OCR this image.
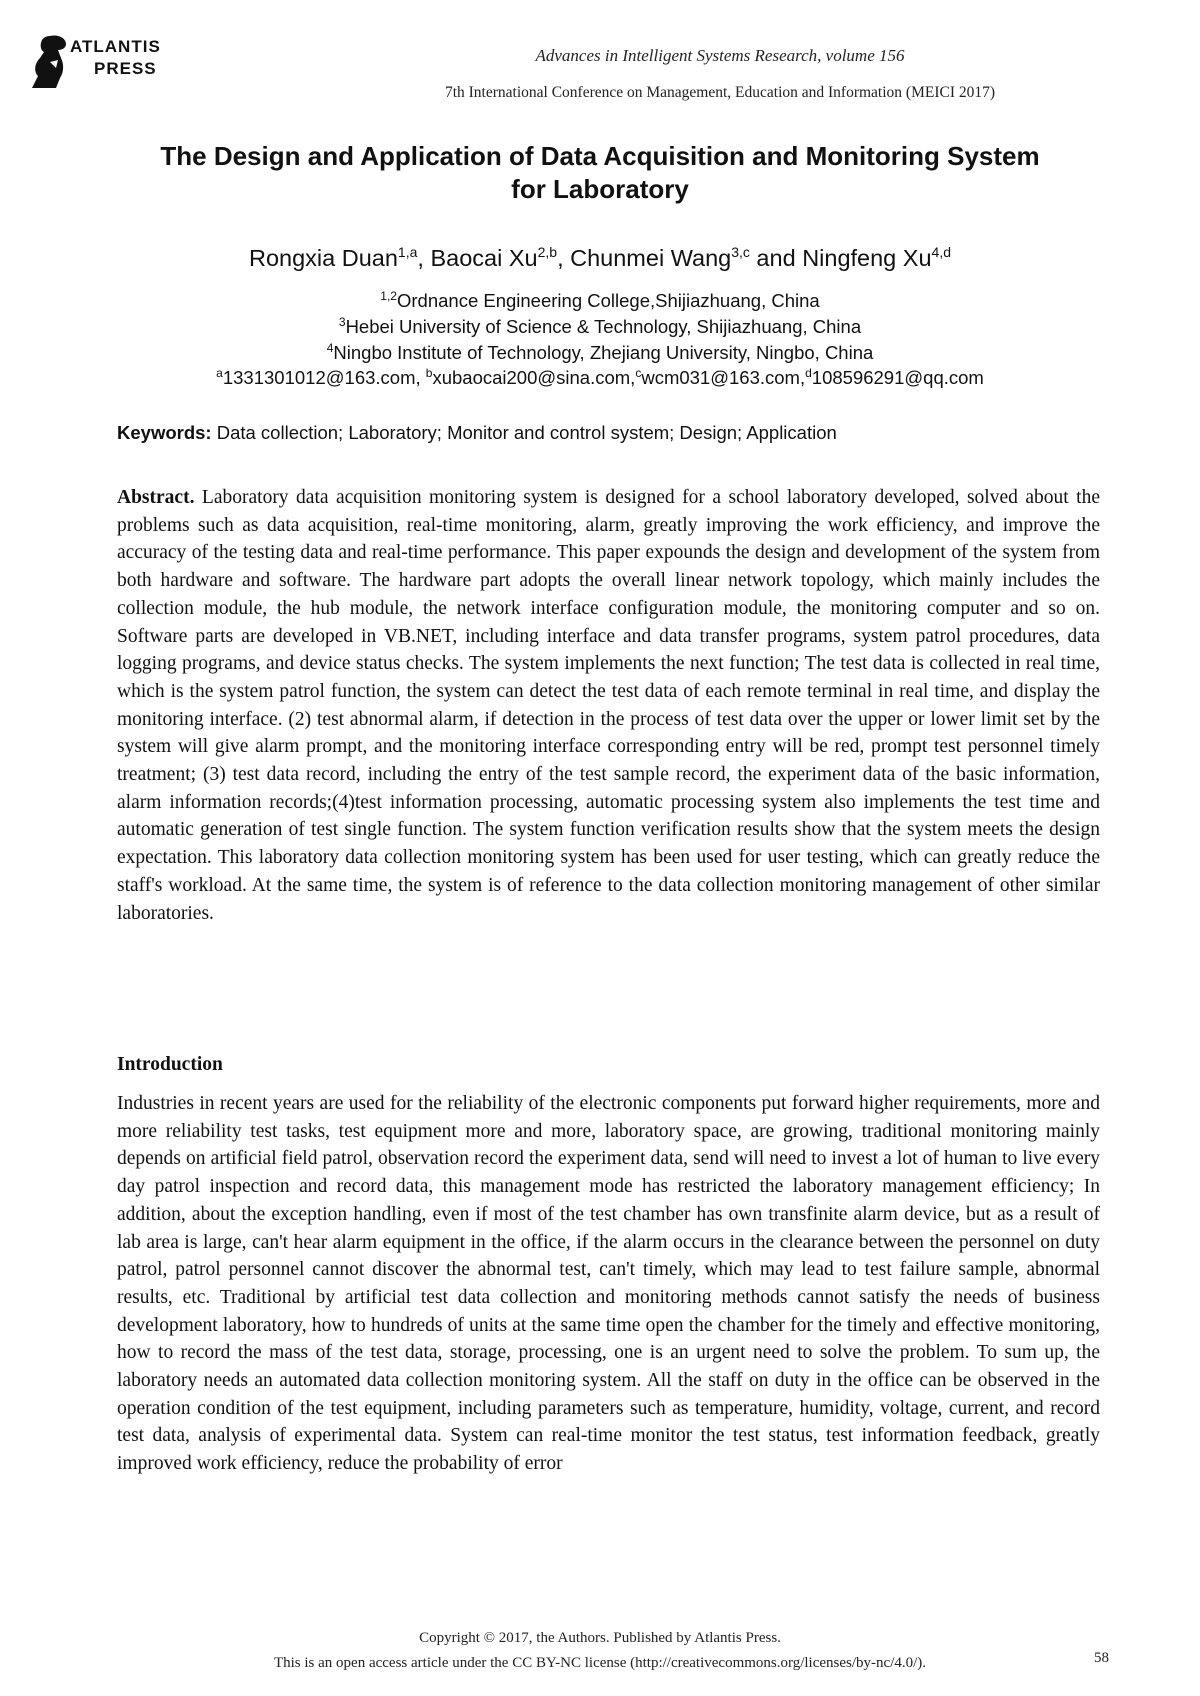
ATLANTIS
PRESS
Advances in Intelligent Systems Research, volume 156
7th International Conference on Management, Education and Information (MEICI 2017)
The Design and Application of Data Acquisition and Monitoring System
for Laboratory
Rongxia Duan$^{1,a}$, Baocai Xu$^{2,b}$, Chunmei Wang$^{3,c}$ and Ningfeng Xu$^{4,d}$
$^{1,2}$Ordnance Engineering College,Shijiazhuang, China
$^3$Hebei University of Science & Technology, Shijiazhuang, China
$^4$Ningbo Institute of Technology, Zhejiang University, Ningbo, China
$^a$1331301012@163.com, $^b$xubaocai200@sina.com,$^c$wcm031@163.com,$^d$108596291@qq.com
Keywords: Data collection; Laboratory; Monitor and control system; Design; Application
Abstract. Laboratory data acquisition monitoring system is designed for a school laboratory developed, solved about the problems such as data acquisition, real-time monitoring, alarm, greatly improving the work efficiency, and improve the accuracy of the testing data and real-time performance. This paper expounds the design and development of the system from both hardware and software. The hardware part adopts the overall linear network topology, which mainly includes the collection module, the hub module, the network interface configuration module, the monitoring computer and so on. Software parts are developed in VB.NET, including interface and data transfer programs, system patrol procedures, data logging programs, and device status checks. The system implements the next function; The test data is collected in real time, which is the system patrol function, the system can detect the test data of each remote terminal in real time, and display the monitoring interface. (2) test abnormal alarm, if detection in the process of test data over the upper or lower limit set by the system will give alarm prompt, and the monitoring interface corresponding entry will be red, prompt test personnel timely treatment; (3) test data record, including the entry of the test sample record, the experiment data of the basic information, alarm information records;(4)test information processing, automatic processing system also implements the test time and automatic generation of test single function. The system function verification results show that the system meets the design expectation. This laboratory data collection monitoring system has been used for user testing, which can greatly reduce the staff's workload. At the same time, the system is of reference to the data collection monitoring management of other similar laboratories.
Introduction
Industries in recent years are used for the reliability of the electronic components put forward higher requirements, more and more reliability test tasks, test equipment more and more, laboratory space, are growing, traditional monitoring mainly depends on artificial field patrol, observation record the experiment data, send will need to invest a lot of human to live every day patrol inspection and record data, this management mode has restricted the laboratory management efficiency; In addition, about the exception handling, even if most of the test chamber has own transfinite alarm device, but as a result of lab area is large, can't hear alarm equipment in the office, if the alarm occurs in the clearance between the personnel on duty patrol, patrol personnel cannot discover the abnormal test, can't timely, which may lead to test failure sample, abnormal results, etc. Traditional by artificial test data collection and monitoring methods cannot satisfy the needs of business development laboratory, how to hundreds of units at the same time open the chamber for the timely and effective monitoring, how to record the mass of the test data, storage, processing, one is an urgent need to solve the problem. To sum up, the laboratory needs an automated data collection monitoring system. All the staff on duty in the office can be observed in the operation condition of the test equipment, including parameters such as temperature, humidity, voltage, current, and record test data, analysis of experimental data. System can real-time monitor the test status, test information feedback, greatly improved work efficiency, reduce the probability of error
Copyright © 2017, the Authors. Published by Atlantis Press.
This is an open access article under the CC BY-NC license (http://creativecommons.org/licenses/by-nc/4.0/).	58
